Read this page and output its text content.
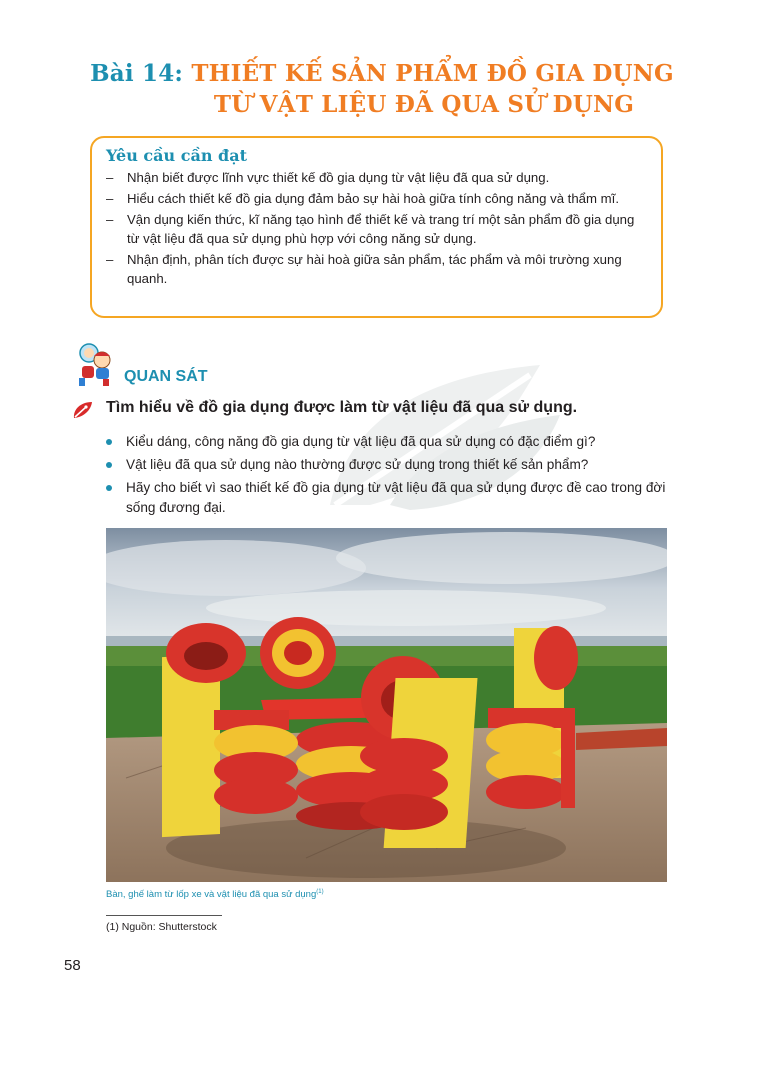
Bài 14: THIẾT KẾ SẢN PHẨM ĐỒ GIA DỤNG
TỪ VẬT LIỆU ĐÃ QUA SỬ DỤNG
Yêu cầu cần đạt
– Nhận biết được lĩnh vực thiết kế đồ gia dụng từ vật liệu đã qua sử dụng.
– Hiểu cách thiết kế đồ gia dụng đảm bảo sự hài hoà giữa tính công năng và thẩm mĩ.
– Vận dụng kiến thức, kĩ năng tạo hình để thiết kế và trang trí một sản phẩm đồ gia dụng từ vật liệu đã qua sử dụng phù hợp với công năng sử dụng.
– Nhận định, phân tích được sự hài hoà giữa sản phẩm, tác phẩm và môi trường xung quanh.
QUAN SÁT
Tìm hiểu về đồ gia dụng được làm từ vật liệu đã qua sử dụng.
Kiểu dáng, công năng đồ gia dụng từ vật liệu đã qua sử dụng có đặc điểm gì?
Vật liệu đã qua sử dụng nào thường được sử dụng trong thiết kế sản phẩm?
Hãy cho biết vì sao thiết kế đồ gia dụng từ vật liệu đã qua sử dụng được đề cao trong đời sống đương đại.
Bàn, ghế làm từ lốp xe và vật liệu đã qua sử dụng$^{(1)}$
(1) Nguồn: Shutterstock
58
